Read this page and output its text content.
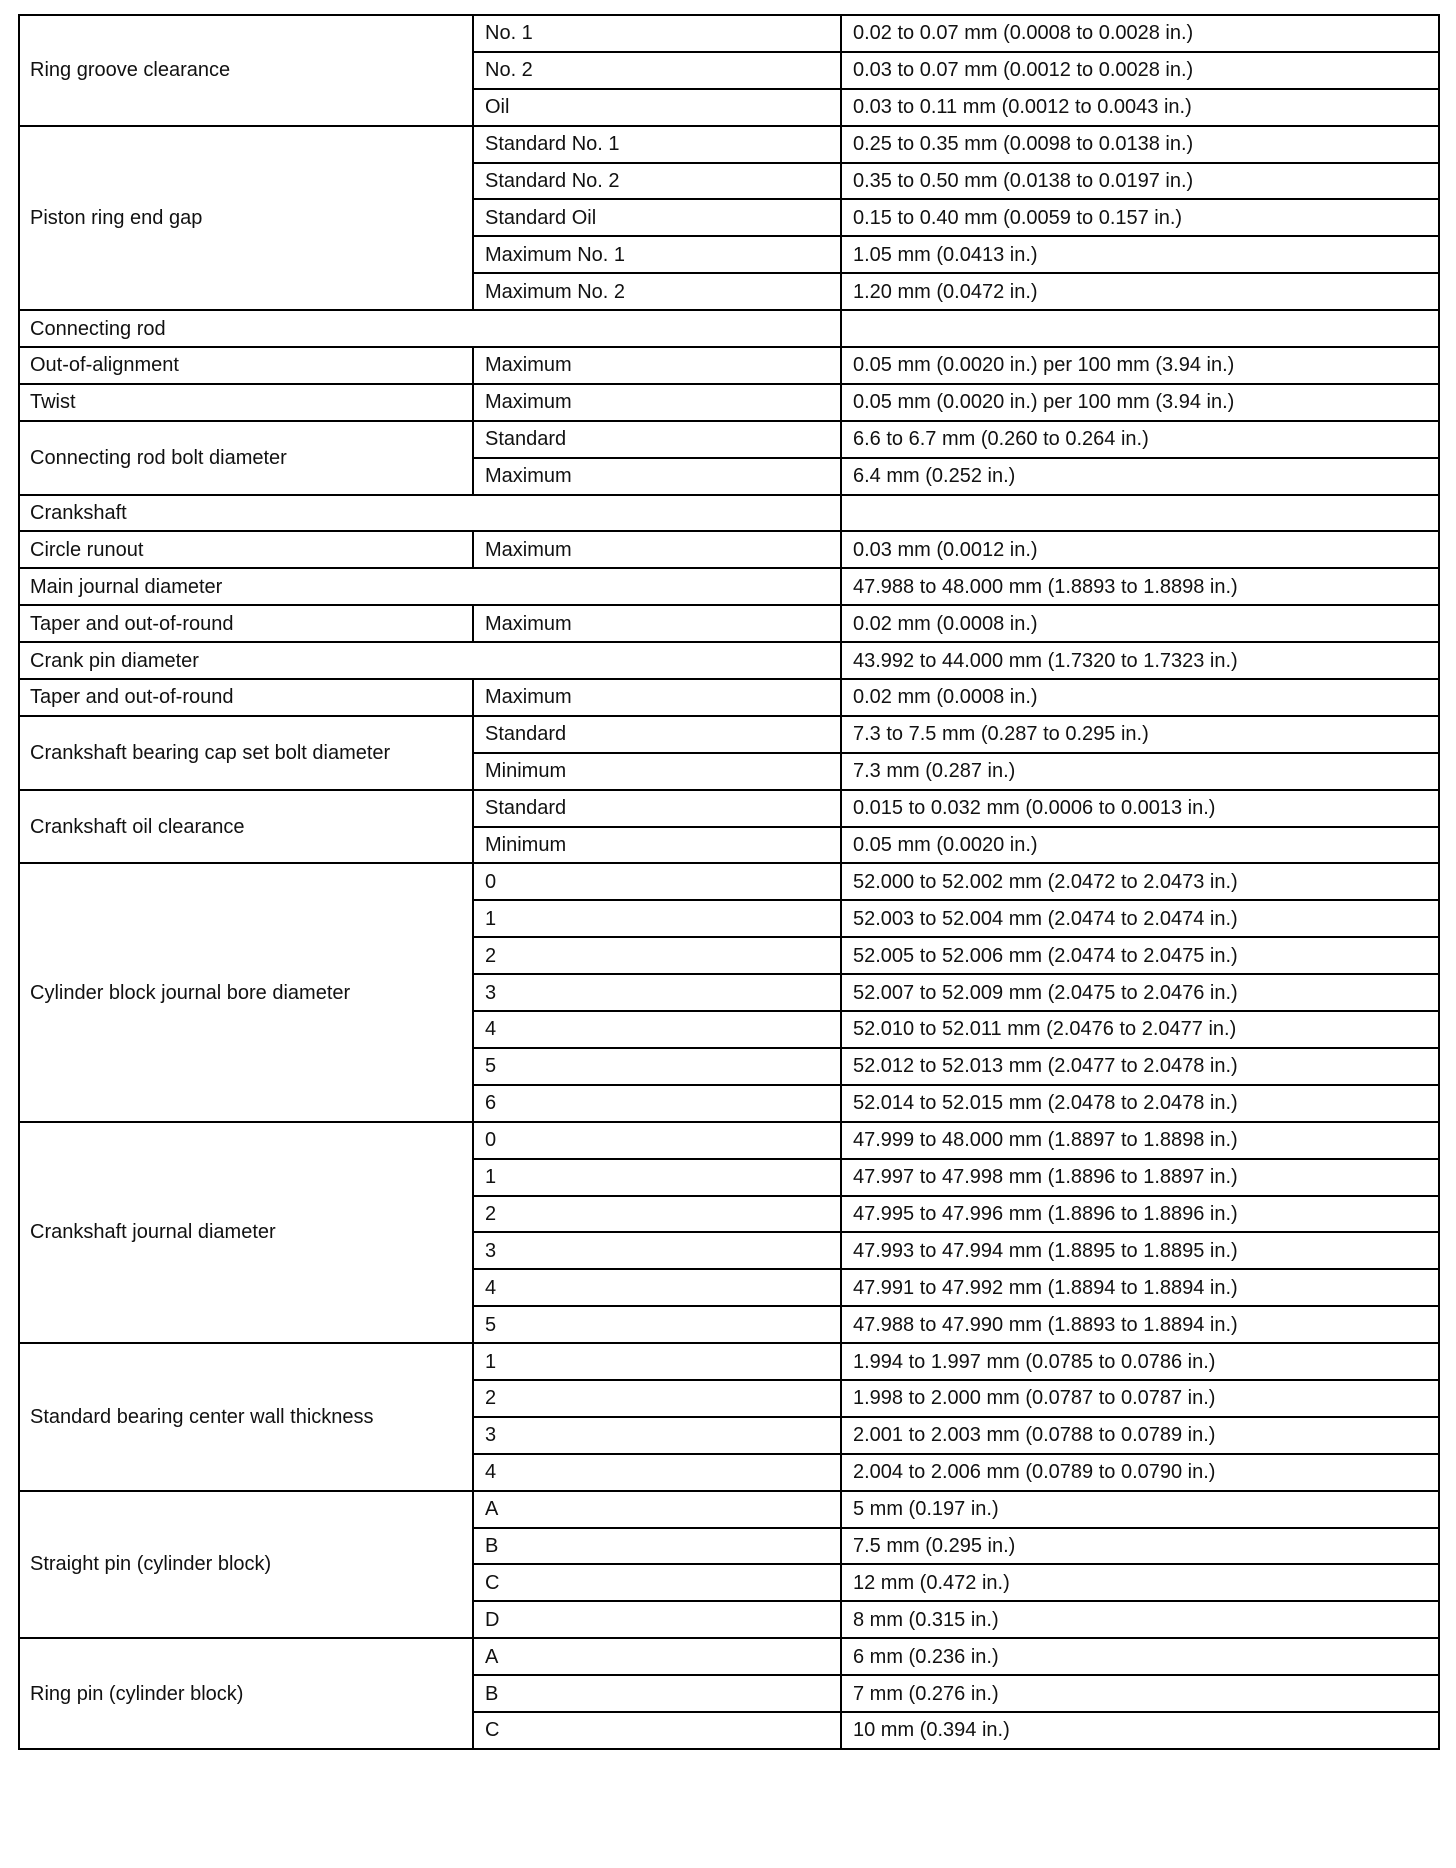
Ring groove clearance	No. 1	0.02 to 0.07 mm (0.0008 to 0.0028 in.)
	No. 2	0.03 to 0.07 mm (0.0012 to 0.0028 in.)
	Oil	0.03 to 0.11 mm (0.0012 to 0.0043 in.)
Piston ring end gap	Standard No. 1	0.25 to 0.35 mm (0.0098 to 0.0138 in.)
	Standard No. 2	0.35 to 0.50 mm (0.0138 to 0.0197 in.)
	Standard Oil	0.15 to 0.40 mm (0.0059 to 0.157 in.)
	Maximum No. 1	1.05 mm (0.0413 in.)
	Maximum No. 2	1.20 mm (0.0472 in.)
Connecting rod		
Out-of-alignment	Maximum	0.05 mm (0.0020 in.) per 100 mm (3.94 in.)
Twist	Maximum	0.05 mm (0.0020 in.) per 100 mm (3.94 in.)
Connecting rod bolt diameter	Standard	6.6 to 6.7 mm (0.260 to 0.264 in.)
	Maximum	6.4 mm (0.252 in.)
Crankshaft		
Circle runout	Maximum	0.03 mm (0.0012 in.)
Main journal diameter		47.988 to 48.000 mm (1.8893 to 1.8898 in.)
Taper and out-of-round	Maximum	0.02 mm (0.0008 in.)
Crank pin diameter		43.992 to 44.000 mm (1.7320 to 1.7323 in.)
Taper and out-of-round	Maximum	0.02 mm (0.0008 in.)
Crankshaft bearing cap set bolt diameter	Standard	7.3 to 7.5 mm (0.287 to 0.295 in.)
	Minimum	7.3 mm (0.287 in.)
Crankshaft oil clearance	Standard	0.015 to 0.032 mm (0.0006 to 0.0013 in.)
	Minimum	0.05 mm (0.0020 in.)
Cylinder block journal bore diameter	0	52.000 to 52.002 mm (2.0472 to 2.0473 in.)
	1	52.003 to 52.004 mm (2.0474 to 2.0474 in.)
	2	52.005 to 52.006 mm (2.0474 to 2.0475 in.)
	3	52.007 to 52.009 mm (2.0475 to 2.0476 in.)
	4	52.010 to 52.011 mm (2.0476 to 2.0477 in.)
	5	52.012 to 52.013 mm (2.0477 to 2.0478 in.)
	6	52.014 to 52.015 mm (2.0478 to 2.0478 in.)
Crankshaft journal diameter	0	47.999 to 48.000 mm (1.8897 to 1.8898 in.)
	1	47.997 to 47.998 mm (1.8896 to 1.8897 in.)
	2	47.995 to 47.996 mm (1.8896 to 1.8896 in.)
	3	47.993 to 47.994 mm (1.8895 to 1.8895 in.)
	4	47.991 to 47.992 mm (1.8894 to 1.8894 in.)
	5	47.988 to 47.990 mm (1.8893 to 1.8894 in.)
Standard bearing center wall thickness	1	1.994 to 1.997 mm (0.0785 to 0.0786 in.)
	2	1.998 to 2.000 mm (0.0787 to 0.0787 in.)
	3	2.001 to 2.003 mm (0.0788 to 0.0789 in.)
	4	2.004 to 2.006 mm (0.0789 to 0.0790 in.)
Straight pin (cylinder block)	A	5 mm (0.197 in.)
	B	7.5 mm (0.295 in.)
	C	12 mm (0.472 in.)
	D	8 mm (0.315 in.)
Ring pin (cylinder block)	A	6 mm (0.236 in.)
	B	7 mm (0.276 in.)
	C	10 mm (0.394 in.)
